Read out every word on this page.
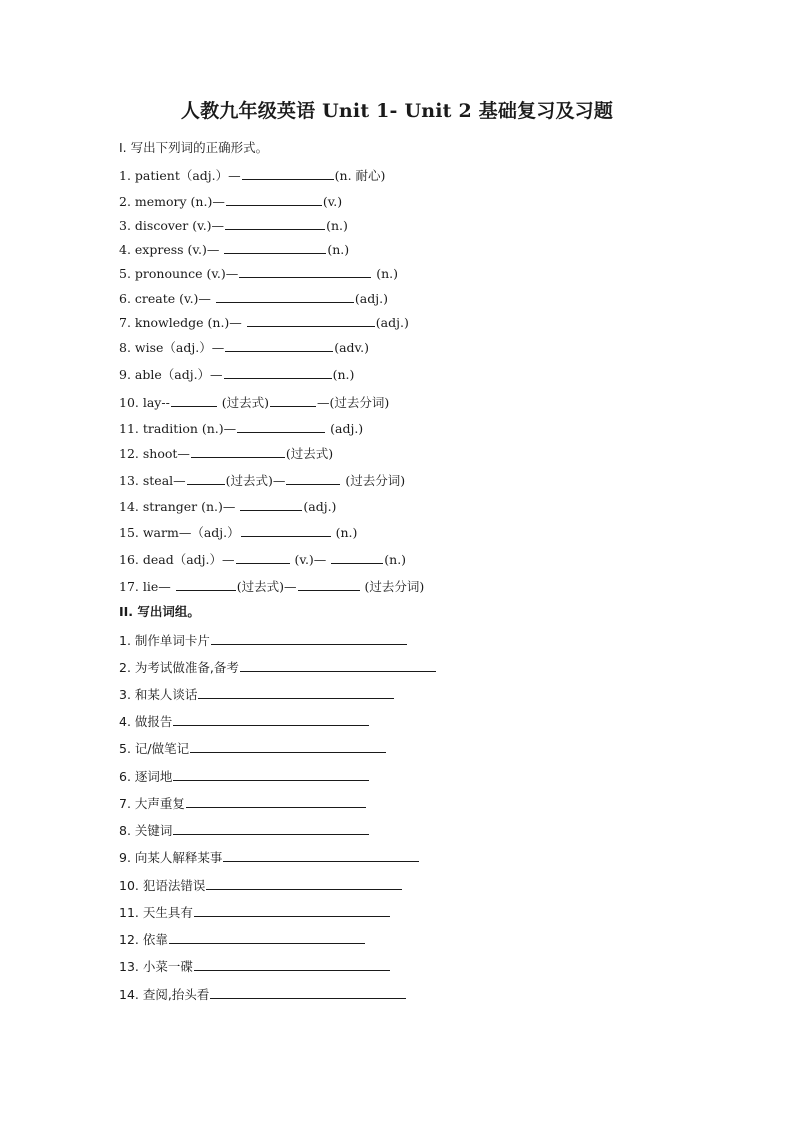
人教九年级英语 Unit 1- Unit 2 基础复习及习题
I. 写出下列词的正确形式。
1. patient（adj.）—	(n. 耐心)
2. memory (n.)—	(v.)
3. discover (v.)—	(n.)
4. express (v.)—	(n.)
5. pronounce (v.)—	(n.)
6. create (v.)—	(adj.)
7. knowledge (n.)—	(adj.)
8. wise（adj.）—	(adv.)
9. able（adj.）—	(n.)
10. lay--	(过去式)	—(过去分词)
11. tradition (n.)—	(adj.)
12. shoot—	(过去式)
13. steal—	(过去式)—	(过去分词)
14. stranger (n.)—	(adj.)
15. warm—（adj.）	(n.)
16. dead（adj.）—	(v.)—	(n.)
17. lie—	(过去式)—	(过去分词)
II. 写出词组。
1. 制作单词卡片
2. 为考试做准备,备考
3. 和某人谈话
4. 做报告
5. 记/做笔记
6. 逐词地
7. 大声重复
8. 关键词
9. 向某人解释某事
10. 犯语法错误
11. 天生具有
12. 依靠
13. 小菜一碟
14. 查阅,抬头看
